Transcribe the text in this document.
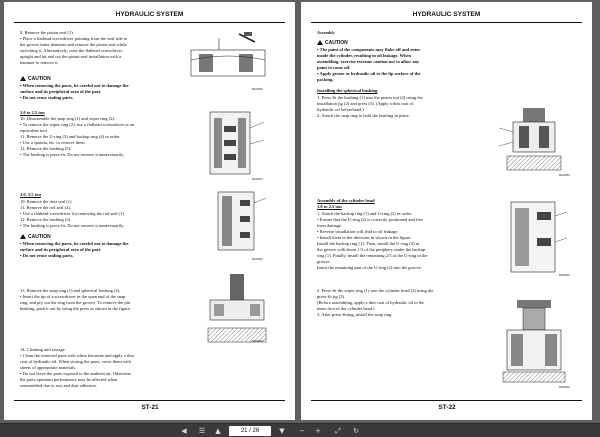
HYDRAULIC SYSTEM
9. Remove the piston seal (1).
• Place a flathead screwdriver pointing from the seal side to
the groove inner diameter and remove the piston seal while
stretching it. Alternatively, raise the flathead screwdriver
upright and hit and cut the piston seal installation with a
hammer to remove it.
80HS060
CAUTION
• When removing the parts, be careful not to damage the
surface and its peripheral area of the part.
• Do not reuse sealing parts.
1.0 to 2.5 ton
10. Disassemble the snap ring (1) and wiper ring (2).
• To remove the wiper ring (2), use a flathead screwdriver or an
equivalent tool.
11. Remove the U-ring (3) and backup ring (4) in order.
• Use a spatula, etc. to remove them.
12. Remove the bushing (5).
• The bushing is press-fit. Do not remove it unnecessarily.
80HS061
3.0, 3.5 ton
10. Remove the dust seal (1).
11. Remove the rod seal (2).
• Use a flathead screwdriver for removing the rod seal (1).
12. Remove the bushing (3).
• The bushing is press-fit. Do not remove it unnecessarily.
CAUTION
• When removing the parts, be careful not to damage the
surface and its peripheral area of the part.
• Do not reuse sealing parts.
80HS062
13. Remove the snap ring (1) and spherical bushing (2).
• Insert the tip of a screwdriver in the open end of the snap
ring, and pry out the ring from the groove. To remove the pin
bushing, push it out by using the press as shown in the figure.
80HS063
14. Cleaning and storage
• Clean the removed parts with white kerosene and apply a thin
coat of hydraulic oil. When storing the parts, cover them with
sheets of appropriate materials.
• Do not leave the parts exposed to the ambient air. Otherwise
the parts optimum performance may be affected when
reassembled due to rust and dust adhesion.
ST-21
HYDRAULIC SYSTEM
Assembly
CAUTION
• The paint of the components may flake off and enter
inside the cylinder, resulting in oil leakage. When
assembling, exercise extreme caution not to allow any
paint to come off.
• Apply grease or hydraulic oil to the lip surface of the
packing.
Installing the spherical bushing
1. Press-fit the bushing (1) into the piston rod (4) using the
installation jig (2) and press (3). (Apply a thin coat of
hydraulic oil beforehand.)
2. Attach the snap ring to hold the bushing in place.
80HS064
Assembly of the cylinder head
1.0 to 2.5 ton
1. Attach the backup ring (1) and U-ring (2) in order.
• Ensure that the U-ring (2) is correctly positioned and free
from damage.
• Reverse installation will lead to oil leakage.
• Install them in the direction as shown in the figure.
Install the backup ring (1). Then, install the U-ring (2) in
the groove with about 1/3 of the periphery under the backup
ring (1). Finally, install the remaining 2/3 of the U-ring in the
groove.
Insert the remaining part of the U-ring (2) into the groove.
80HS065
2. Press-fit the wiper ring (1) into the cylinder head (2) using the
press-fit jig (3).
(Before assembling, apply a thin coat of hydraulic oil to the
inner face of the cylinder head.)
3. After press-fitting, install the snap ring.
80HS066
ST-22
☰	▲	21 / 26	▼	−	+	⤢	↻
◀
